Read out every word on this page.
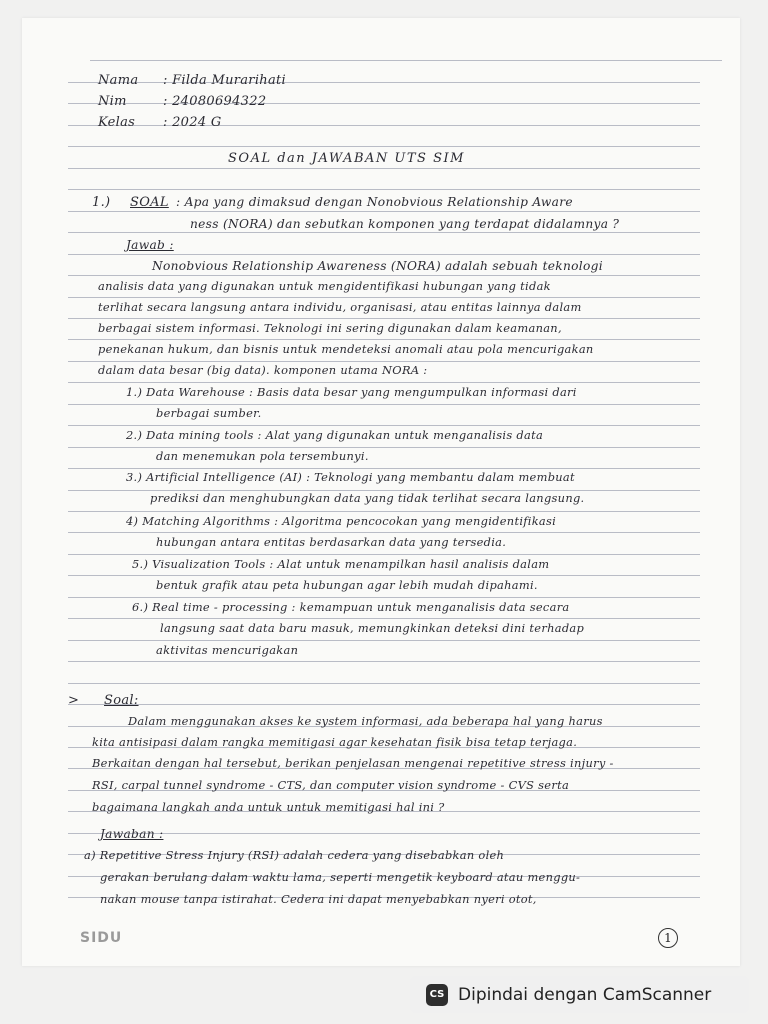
Nama : Filda Murarihati
Nim	: 24080694322
Kelas : 2024 G
SOAL dan JAWABAN UTS SIM
1.) SOAL : Apa yang dimaksud dengan Nonobvious Relationship Aware
ness (NORA) dan sebutkan komponen yang terdapat didalamnya ?
Jawab :
Nonobvious Relationship Awareness (NORA) adalah sebuah teknologi
analisis data yang digunakan untuk mengidentifikasi hubungan yang tidak
terlihat secara langsung antara individu, organisasi, atau entitas lainnya dalam
berbagai sistem informasi. Teknologi ini sering digunakan dalam keamanan,
penekanan hukum, dan bisnis untuk mendeteksi anomali atau pola mencurigakan
dalam data besar (big data). komponen utama NORA :
1.) Data Warehouse : Basis data besar yang mengumpulkan informasi dari
berbagai sumber.
2.) Data mining tools : Alat yang digunakan untuk menganalisis data
dan menemukan pola tersembunyi.
3.) Artificial Intelligence (AI) : Teknologi yang membantu dalam membuat
prediksi dan menghubungkan data yang tidak terlihat secara langsung.
4) Matching Algorithms : Algoritma pencocokan yang mengidentifikasi
hubungan antara entitas berdasarkan data yang tersedia.
5.) Visualization Tools : Alat untuk menampilkan hasil analisis dalam
bentuk grafik atau peta hubungan agar lebih mudah dipahami.
6.) Real time - processing : kemampuan untuk menganalisis data secara
langsung saat data baru masuk, memungkinkan deteksi dini terhadap
aktivitas mencurigakan
> Soal:
Dalam menggunakan akses ke system informasi, ada beberapa hal yang harus
kita antisipasi dalam rangka memitigasi agar kesehatan fisik bisa tetap terjaga.
Berkaitan dengan hal tersebut, berikan penjelasan mengenai repetitive stress injury -
RSI, carpal tunnel syndrome - CTS, dan computer vision syndrome - CVS serta
bagaimana langkah anda untuk untuk memitigasi hal ini ?
Jawaban :
a) Repetitive Stress Injury (RSI) adalah cedera yang disebabkan oleh
gerakan berulang dalam waktu lama, seperti mengetik keyboard atau menggu-
nakan mouse tanpa istirahat. Cedera ini dapat menyebabkan nyeri otot,
SIDU	1
CS Dipindai dengan CamScanner
